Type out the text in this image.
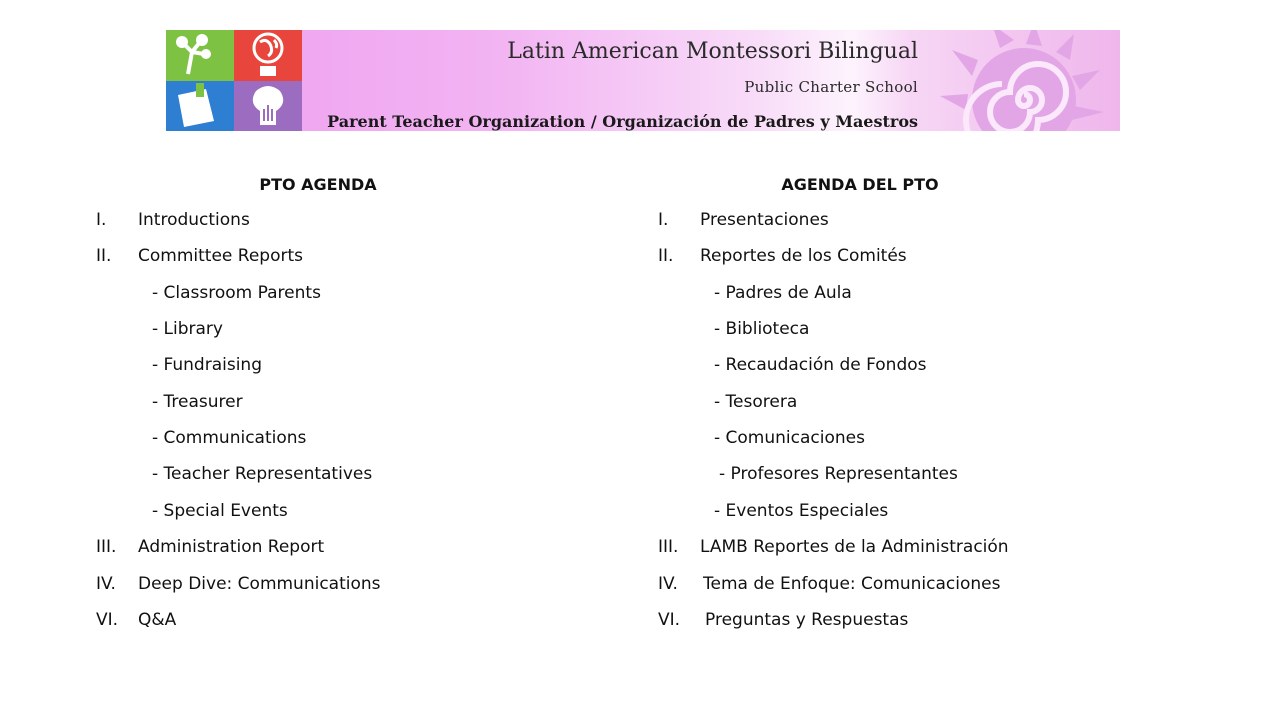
Latin American Montessori Bilingual
Public Charter School
Parent Teacher Organization / Organización de Padres y Maestros
PTO AGENDA	AGENDA DEL PTO
I. Introductions
II. Committee Reports
- Classroom Parents
- Library
- Fundraising
- Treasurer
- Communications
- Teacher Representatives
- Special Events
III. Administration Report
IV. Deep Dive: Communications
VI. Q&A
I. Presentaciones
II. Reportes de los Comités
- Padres de Aula
- Biblioteca
- Recaudación de Fondos
- Tesorera
- Comunicaciones
- Profesores Representantes
- Eventos Especiales
III. LAMB Reportes de la Administración
IV. Tema de Enfoque: Comunicaciones
VI. Preguntas y Respuestas
